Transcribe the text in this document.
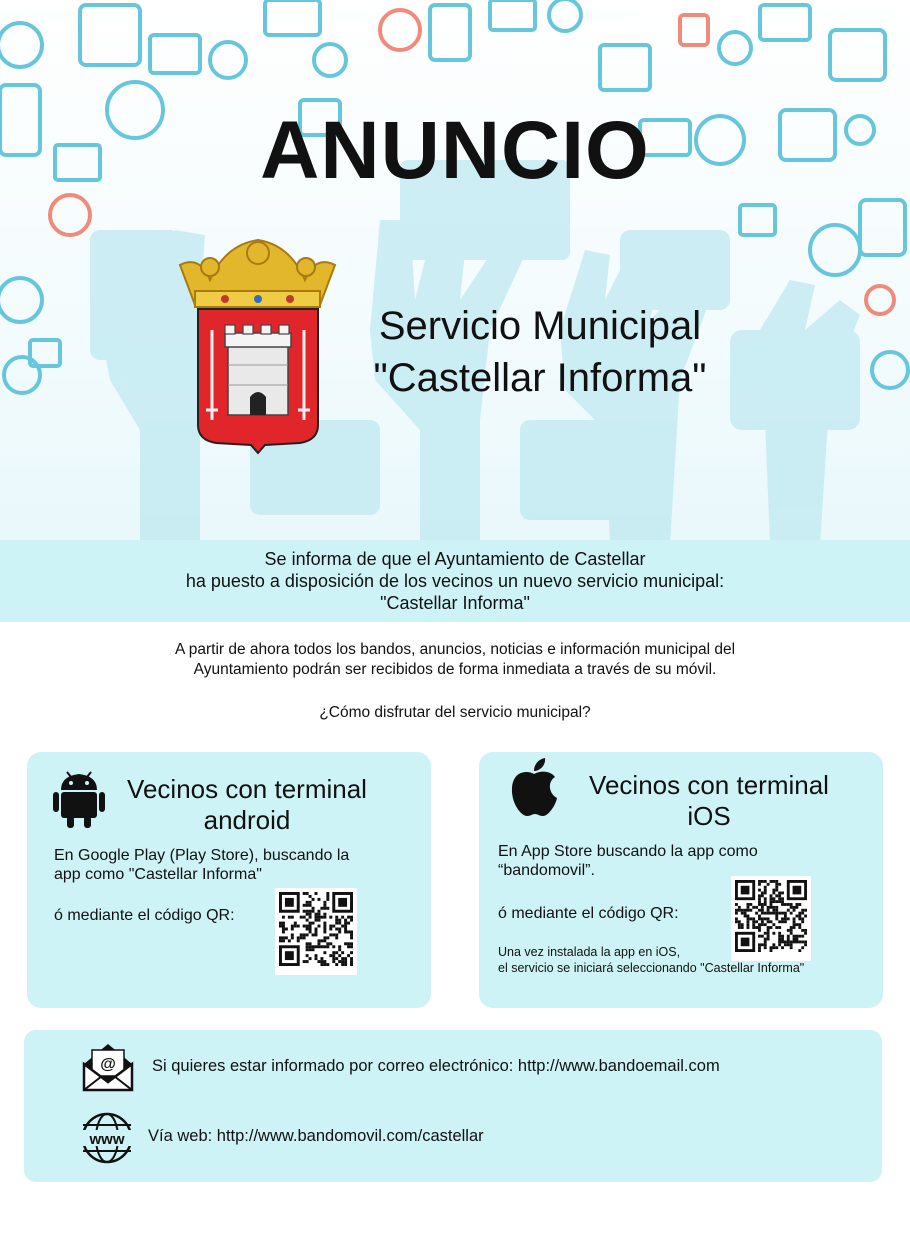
ANUNCIO
Servicio Municipal
"Castellar Informa"
Se informa de que el Ayuntamiento de Castellar
ha puesto a disposición de los vecinos un nuevo servicio municipal:
"Castellar Informa"
A partir de ahora todos los bandos, anuncios, noticias e información municipal del
Ayuntamiento podrán ser recibidos de forma inmediata a través de su móvil.
¿Cómo disfrutar del servicio municipal?
Vecinos con terminal
android
En Google Play (Play Store), buscando la
app como "Castellar Informa"
ó mediante el código QR:
Vecinos con terminal
iOS
En App Store buscando la app como
“bandomovil”.
ó mediante el código QR:
Una vez instalada la app en iOS,
el servicio se iniciará seleccionando "Castellar Informa"
@ Si quieres estar informado por correo electrónico: http://www.bandoemail.com
www Vía web: http://www.bandomovil.com/castellar
